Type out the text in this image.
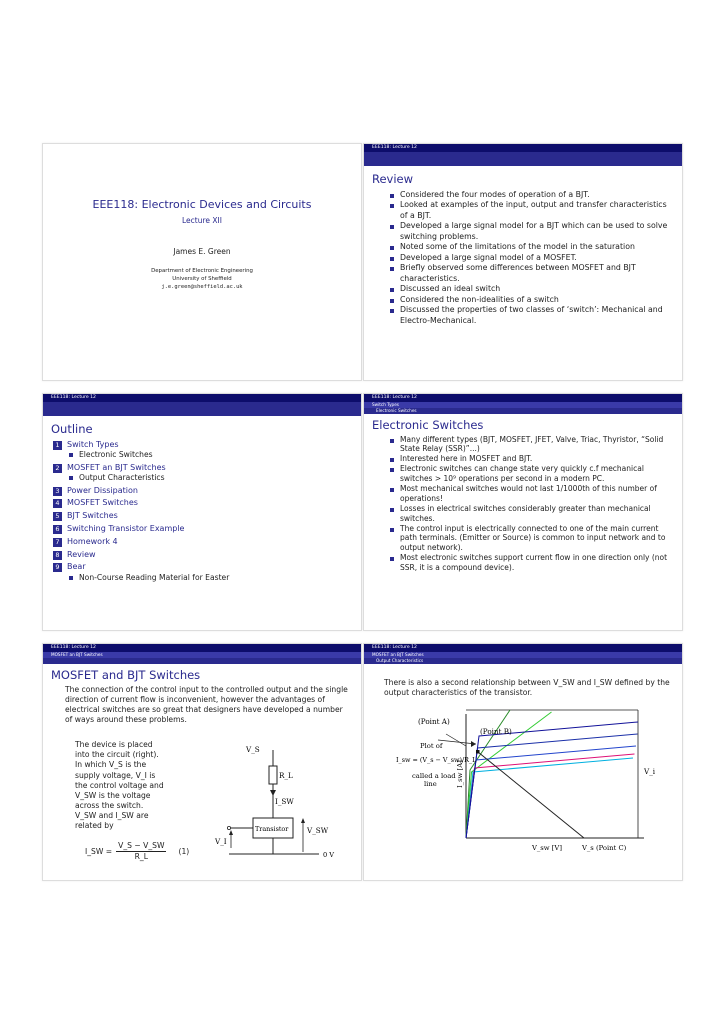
EEE118: Electronic Devices and Circuits
Lecture XII
James E. Green
Department of Electronic Engineering
University of Sheffield
j.e.green@sheffield.ac.uk
EEE118: Lecture 12
Review
Considered the four modes of operation of a BJT.
Looked at examples of the input, output and transfer characteristics of a BJT.
Developed a large signal model for a BJT which can be used to solve switching problems.
Noted some of the limitations of the model in the saturation
Developed a large signal model of a MOSFET.
Briefly observed some differences between MOSFET and BJT characteristics.
Discussed an ideal switch
Considered the non-idealities of a switch
Discussed the properties of two classes of ‘switch’: Mechanical and Electro-Mechanical.
EEE118: Lecture 12
Outline
1 Switch Types
Electronic Switches
2 MOSFET an BJT Switches
Output Characteristics
3 Power Dissipation
4 MOSFET Switches
5 BJT Switches
6 Switching Transistor Example
7 Homework 4
8 Review
9 Bear
Non-Course Reading Material for Easter
EEE118: Lecture 12
Switch Types
Electronic Switches
Electronic Switches
Many different types (BJT, MOSFET, JFET, Valve, Triac, Thyristor, “Solid State Relay (SSR)”...)
Interested here in MOSFET and BJT.
Electronic switches can change state very quickly c.f mechanical switches > 10⁹ operations per second in a modern PC.
Most mechanical switches would not last 1/1000th of this number of operations!
Losses in electrical switches considerably greater than mechanical switches.
The control input is electrically connected to one of the main current path terminals. (Emitter or Source) is common to input network and to output network).
Most electronic switches support current flow in one direction only (not SSR, it is a compound device).
EEE118: Lecture 12
MOSFET an BJT Switches
MOSFET and BJT Switches
The connection of the control input to the controlled output and the single direction of current flow is inconvenient, however the advantages of electrical switches are so great that designers have developed a number of ways around these problems.
The device is placed into the circuit (right). In which V_S is the supply voltage, V_I is the control voltage and V_SW is the voltage across the switch. V_SW and I_SW are related by
I_SW = $\frac{V\_S - V\_SW}{R\_L} (1)$
V_S
R_L
I_SW
Transistor	V_SW
V_I
0 V
EEE118: Lecture 12
MOSFET an BJT Switches
Output Characteristics
There is also a second relationship between V_SW and I_SW defined by the output characteristics of the transistor.
(Point A)
(Point B)
Plot of
I_sw = (V_s − V_sw)/R_L
called a load
line	I_sw [A]
V_sw [V]	V_s (Point C)
V_i
